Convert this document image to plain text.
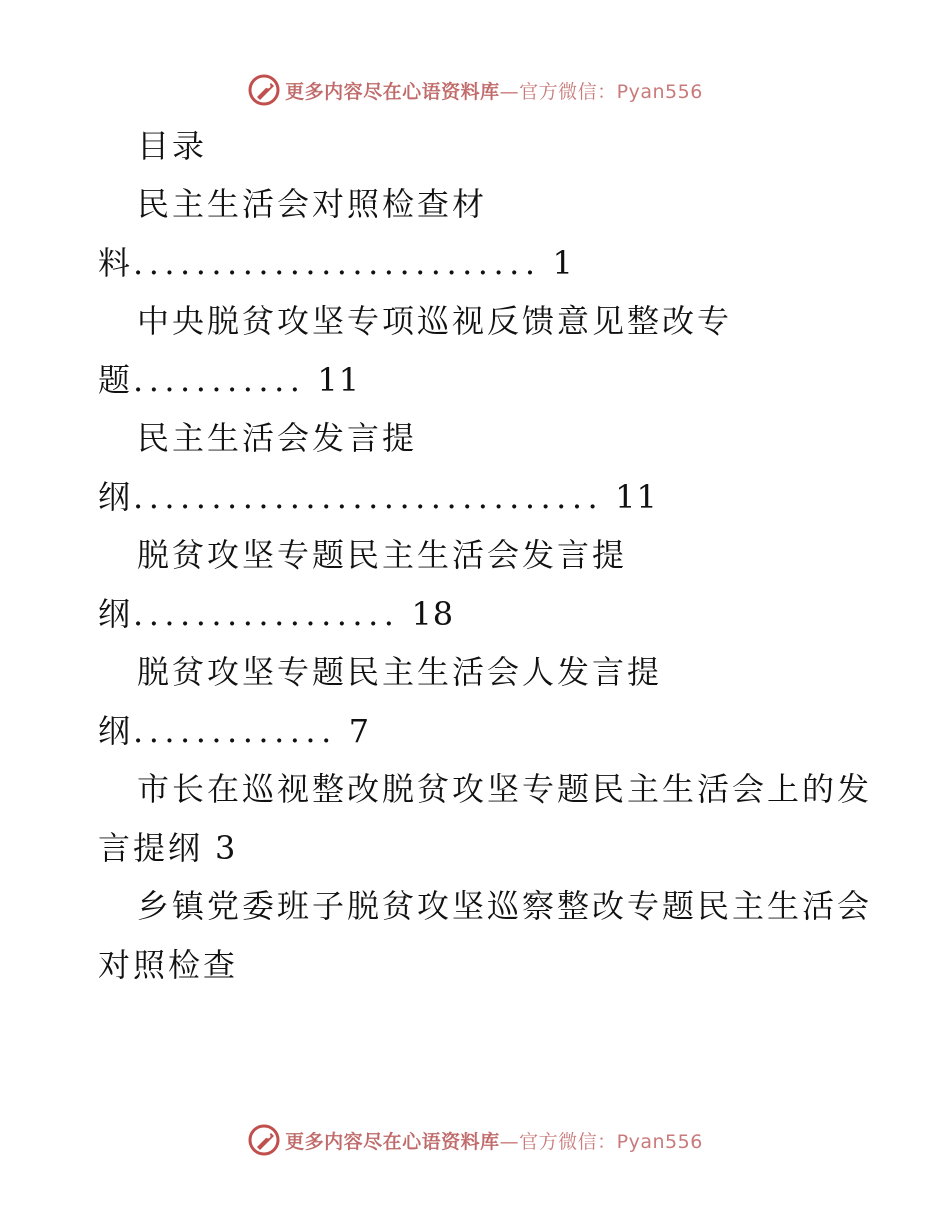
更多内容尽在心语资料库—官方微信：Pyan556
目录
民主生活会对照检查材
料.......................... 1
中央脱贫攻坚专项巡视反馈意见整改专
题........... 11
民主生活会发言提
纲.............................. 11
脱贫攻坚专题民主生活会发言提
纲................. 18
脱贫攻坚专题民主生活会人发言提
纲............. 7
市长在巡视整改脱贫攻坚专题民主生活会上的发
言提纲 3
乡镇党委班子脱贫攻坚巡察整改专题民主生活会
对照检查
更多内容尽在心语资料库—官方微信：Pyan556
